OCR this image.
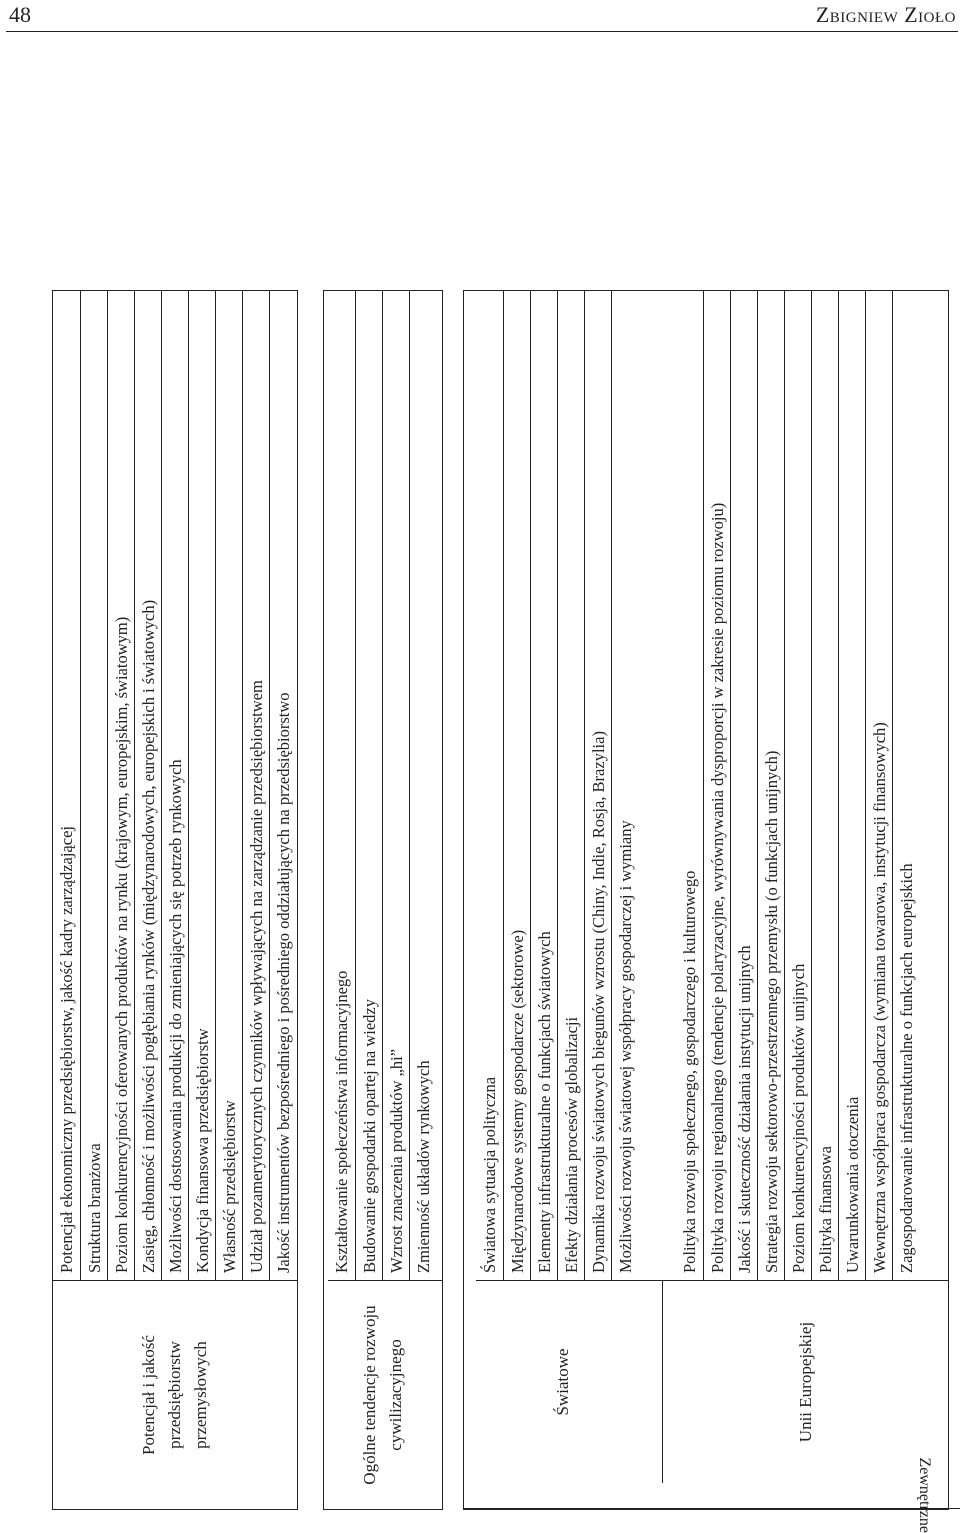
48	Zbigniew Zioło
Potencjał i jakość przedsiębiorstw przemysłowych
Potencjał ekonomiczny przedsiębiorstw, jakość kadry zarządzającej Struktura branżowa Poziom konkurencyjności oferowanych produktów na rynku (krajowym, europejskim, światowym) Zasięg, chłonność i możliwości pogłębiania rynków (międzynarodowych, europejskich i światowych) Możliwości dostosowania produkcji do zmieniających się potrzeb rynkowych Kondycja finansowa przedsiębiorstw Własność przedsiębiorstw Udział pozamerytorycznych czynników wpływających na zarządzanie przedsiębiorstwem Jakość instrumentów bezpośredniego i pośredniego oddziałujących na przedsiębiorstwo
Ogólne tendencje rozwoju cywilizacyjnego
Kształtowanie społeczeństwa informacyjnego Budowanie gospodarki opartej na wiedzy Wzrost znaczenia produktów „hi” Zmienność układów rynkowych
Zewnętrzne
Światowe
Światowa sytuacja polityczna Międzynarodowe systemy gospodarcze (sektorowe) Elementy infrastrukturalne o funkcjach światowych Efekty działania procesów globalizacji Dynamika rozwoju światowych biegunów wzrostu (Chiny, Indie, Rosja, Brazylia) Możliwości rozwoju światowej współpracy gospodarczej i wymiany
Unii Europejskiej
Polityka rozwoju społecznego, gospodarczego i kulturowego Polityka rozwoju regionalnego (tendencje polaryzacyjne, wyrównywania dysproporcji w zakresie poziomu rozwoju) Jakość i skuteczność działania instytucji unijnych Strategia rozwoju sektorowo-przestrzennego przemysłu (o funkcjach unijnych) Poziom konkurencyjności produktów unijnych Polityka finansowa Uwarunkowania otoczenia Wewnętrzna współpraca gospodarcza (wymiana towarowa, instytucji finansowych) Zagospodarowanie infrastrukturalne o funkcjach europejskich
